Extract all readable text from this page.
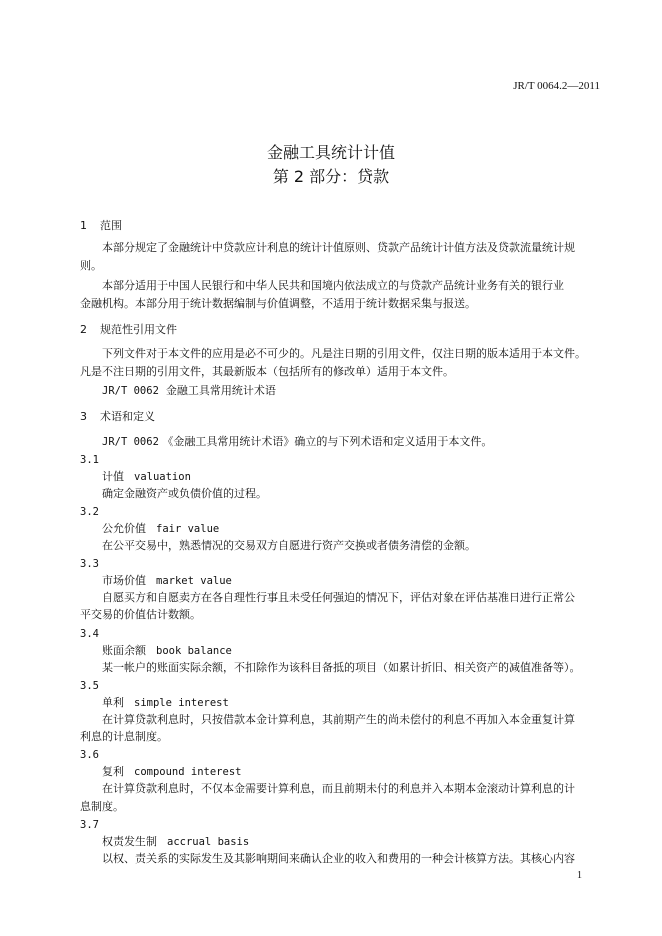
JR/T 0064.2—2011
金融工具统计计值
第 2 部分：贷款
1 范围
本部分规定了金融统计中贷款应计利息的统计计值原则、贷款产品统计计值方法及贷款流量统计规
则。
本部分适用于中国人民银行和中华人民共和国境内依法成立的与贷款产品统计业务有关的银行业
金融机构。本部分用于统计数据编制与价值调整，不适用于统计数据采集与报送。
2 规范性引用文件
下列文件对于本文件的应用是必不可少的。凡是注日期的引用文件，仅注日期的版本适用于本文件。
凡是不注日期的引用文件，其最新版本（包括所有的修改单）适用于本文件。
JR/T 0062 金融工具常用统计术语
3 术语和定义
JR/T 0062 《金融工具常用统计术语》确立的与下列术语和定义适用于本文件。
3.1
计值 valuation
确定金融资产或负债价值的过程。
3.2
公允价值 fair value
在公平交易中，熟悉情况的交易双方自愿进行资产交换或者债务清偿的金额。
3.3
市场价值 market value
自愿买方和自愿卖方在各自理性行事且未受任何强迫的情况下，评估对象在评估基准日进行正常公
平交易的价值估计数额。
3.4
账面余额 book balance
某一帐户的账面实际余额，不扣除作为该科目备抵的项目（如累计折旧、相关资产的减值准备等）。
3.5
单利 simple interest
在计算贷款利息时，只按借款本金计算利息，其前期产生的尚未偿付的利息不再加入本金重复计算
利息的计息制度。
3.6
复利 compound interest
在计算贷款利息时，不仅本金需要计算利息，而且前期未付的利息并入本期本金滚动计算利息的计
息制度。
3.7
权责发生制 accrual basis
以权、责关系的实际发生及其影响期间来确认企业的收入和费用的一种会计核算方法。其核心内容
1
